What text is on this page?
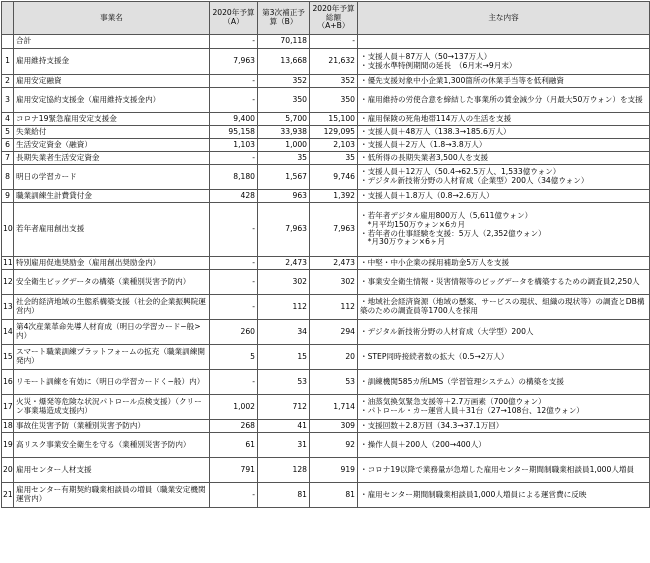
	事業名	2020年予算（A）	第3次補正予算（B）	2020年予算総額（A+B）	主な内容
	合計	-	70,118	-	
1	雇用維持支援金	7,963	13,668	21,632	・支援人員＋87万人（50→137万人）
・支援水準特例期間の延長　（6月末→9月末）

2	雇用安定融資	-	352	352	・優先支援対象中小企業1,300箇所の休業手当等を低利融資

3	雇用安定協約支援金（雇用維持支援金内）	-	350	350	・雇用維持の労使合意を締結した事業所の賃金減少分（月最大50万ウォン）を支援

4	コロナ19緊急雇用安定支援金	9,400	5,700	15,100	・雇用保険の死角地帯114万人の生活を支援

5	失業給付	95,158	33,938	129,095	・支援人員＋48万人（138.3→185.6万人）

6	生活安定資金（融資）	1,103	1,000	2,103	・支援人員＋2万人（1.8→3.8万人）

7	長期失業者生活安定資金	-	35	35	・低所得の長期失業者3,500人を支援

8	明日の学習カード	8,180	1,567	9,746	・支援人員＋12万人（50.4→62.5万人、1,533億ウォン）
・デジタル新技術分野の人材育成（企業型）200人（34億ウォン）

9	職業訓練生計費貸付金	428	963	1,392	・支援人員＋1.8万人（0.8→2.6万人）

10	若年者雇用創出支援	-	7,963	7,963	・若年者デジタル雇用800万人（5,611億ウォン）
　*月平均150万ウォン×6カ月
・若年者の仕事経験を支援：5万人（2,352億ウォン）
　*月30万ウォン×6ヶ月

11	特別雇用促進奨励金（雇用創出奨励金内）	-	2,473	2,473	・中堅・中小企業の採用補助金5万人を支援

12	安全衛生ビッグデータの構築（業種別災害予防内）	-	302	302	・事業安全衛生情報・災害情報等のビッグデータを構築するための調査員2,250人

13	社会的経済地域の生態系構築支援（社会的企業振興院運営内）	-	112	112	・地域社会経済資源（地域の懸案、サービスの現状、組織の現状等）の調査とDB構築のための調査員等1700人を採用

14	第4次産業革命先導人材育成（明日の学習カード−般>内）	260	34	294	・デジタル新技術分野の人材育成（大学型）200人

15	スマート職業訓練プラットフォームの拡充（職業訓練開発内）	5	15	20	・STEP同時接続者数の拡大（0.5→2万人）

16	リモート訓練を有効に（明日の学習カードく−般）内）	-	53	53	・訓練機関585カ所LMS（学習管理システム）の構築を支援

17	火災・爆発等危険な状況パトロール点検支援）（クリーン事業場造成支援内）	1,002	712	1,714	・油蒸気換気緊急支援等＋2.7万画素（700億ウォン）
・パトロール・カー運営人員＋31台（27→108台、12億ウォン）

18	事故住災害予防（業種別災害予防内）	268	41	309	・支援回数＋2.8万回（34.3→37.1万回）

19	高リスク事業安全衛生を守る（業種別災害予防内）	61	31	92	・操作人員＋200人（200→400人）

20	雇用センター人材支援	791	128	919	・コロナ19以降で業務量が急増した雇用センター期間制職業相談員1,000人増員

21	雇用センター有期契約職業相談員の増員（職業安定機関運営内）	-	81	81	・雇用センター期間制職業相談員1,000人増員による運営費に反映
